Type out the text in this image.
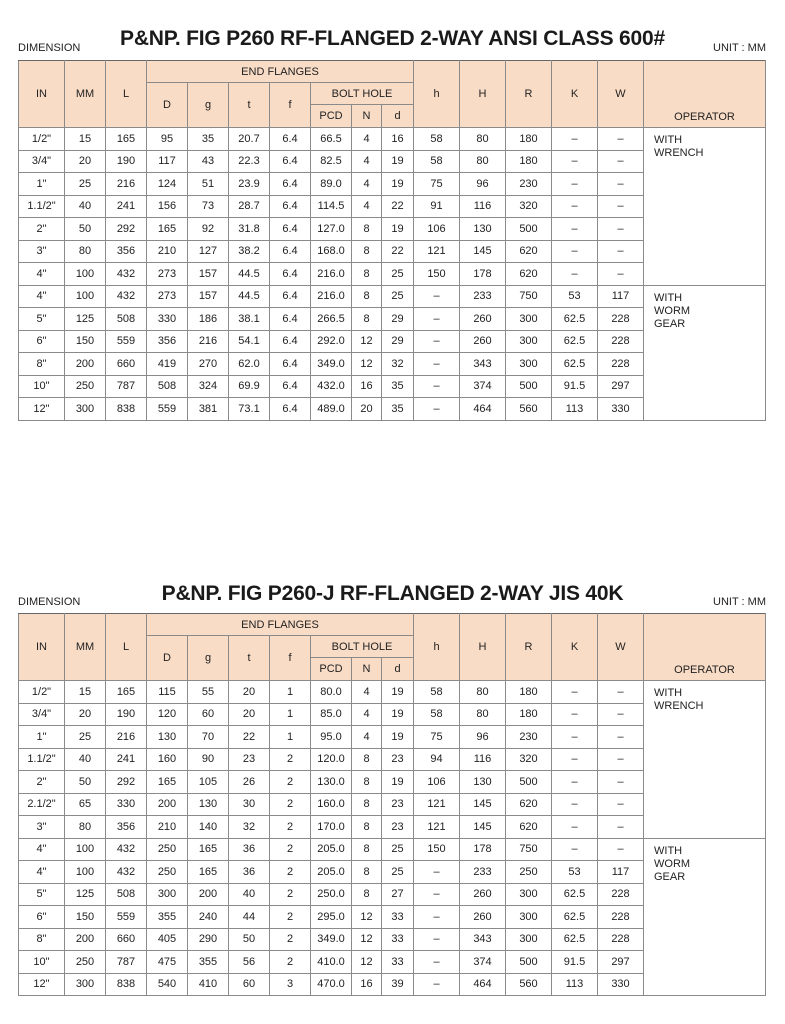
P&NP. FIG P260 RF-FLANGED 2-WAY ANSI CLASS 600#
DIMENSION	UNIT : MM
IN	MM	L	END FLANGES							h	H	R	K	W	OPERATOR
			D	g	t	f	BOLT HOLE								
							PCD	N	d						
1/2"	15	165	95	35	20.7	6.4	66.5	4	16	58	80	180	–	–	WITH
WRENCH
3/4"	20	190	117	43	22.3	6.4	82.5	4	19	58	80	180	–	–	
1"	25	216	124	51	23.9	6.4	89.0	4	19	75	96	230	–	–	
1.1/2"	40	241	156	73	28.7	6.4	114.5	4	22	91	116	320	–	–	
2"	50	292	165	92	31.8	6.4	127.0	8	19	106	130	500	–	–	
3"	80	356	210	127	38.2	6.4	168.0	8	22	121	145	620	–	–	
4"	100	432	273	157	44.5	6.4	216.0	8	25	150	178	620	–	–	
4"	100	432	273	157	44.5	6.4	216.0	8	25	–	233	750	53	117	WITH
WORM
GEAR
5"	125	508	330	186	38.1	6.4	266.5	8	29	–	260	300	62.5	228	
6"	150	559	356	216	54.1	6.4	292.0	12	29	–	260	300	62.5	228	
8"	200	660	419	270	62.0	6.4	349.0	12	32	–	343	300	62.5	228	
10"	250	787	508	324	69.9	6.4	432.0	16	35	–	374	500	91.5	297	
12"	300	838	559	381	73.1	6.4	489.0	20	35	–	464	560	113	330	
P&NP. FIG P260-J RF-FLANGED 2-WAY JIS 40K
DIMENSION	UNIT : MM
IN	MM	L	END FLANGES							h	H	R	K	W	OPERATOR
			D	g	t	f	BOLT HOLE								
							PCD	N	d						
1/2"	15	165	115	55	20	1	80.0	4	19	58	80	180	–	–	WITH
WRENCH
3/4"	20	190	120	60	20	1	85.0	4	19	58	80	180	–	–	
1"	25	216	130	70	22	1	95.0	4	19	75	96	230	–	–	
1.1/2"	40	241	160	90	23	2	120.0	8	23	94	116	320	–	–	
2"	50	292	165	105	26	2	130.0	8	19	106	130	500	–	–	
2.1/2"	65	330	200	130	30	2	160.0	8	23	121	145	620	–	–	
3"	80	356	210	140	32	2	170.0	8	23	121	145	620	–	–	
4"	100	432	250	165	36	2	205.0	8	25	150	178	750	–	–	WITH
WORM
GEAR
4"	100	432	250	165	36	2	205.0	8	25	–	233	250	53	117	
5"	125	508	300	200	40	2	250.0	8	27	–	260	300	62.5	228	
6"	150	559	355	240	44	2	295.0	12	33	–	260	300	62.5	228	
8"	200	660	405	290	50	2	349.0	12	33	–	343	300	62.5	228	
10"	250	787	475	355	56	2	410.0	12	33	–	374	500	91.5	297	
12"	300	838	540	410	60	3	470.0	16	39	–	464	560	113	330	
